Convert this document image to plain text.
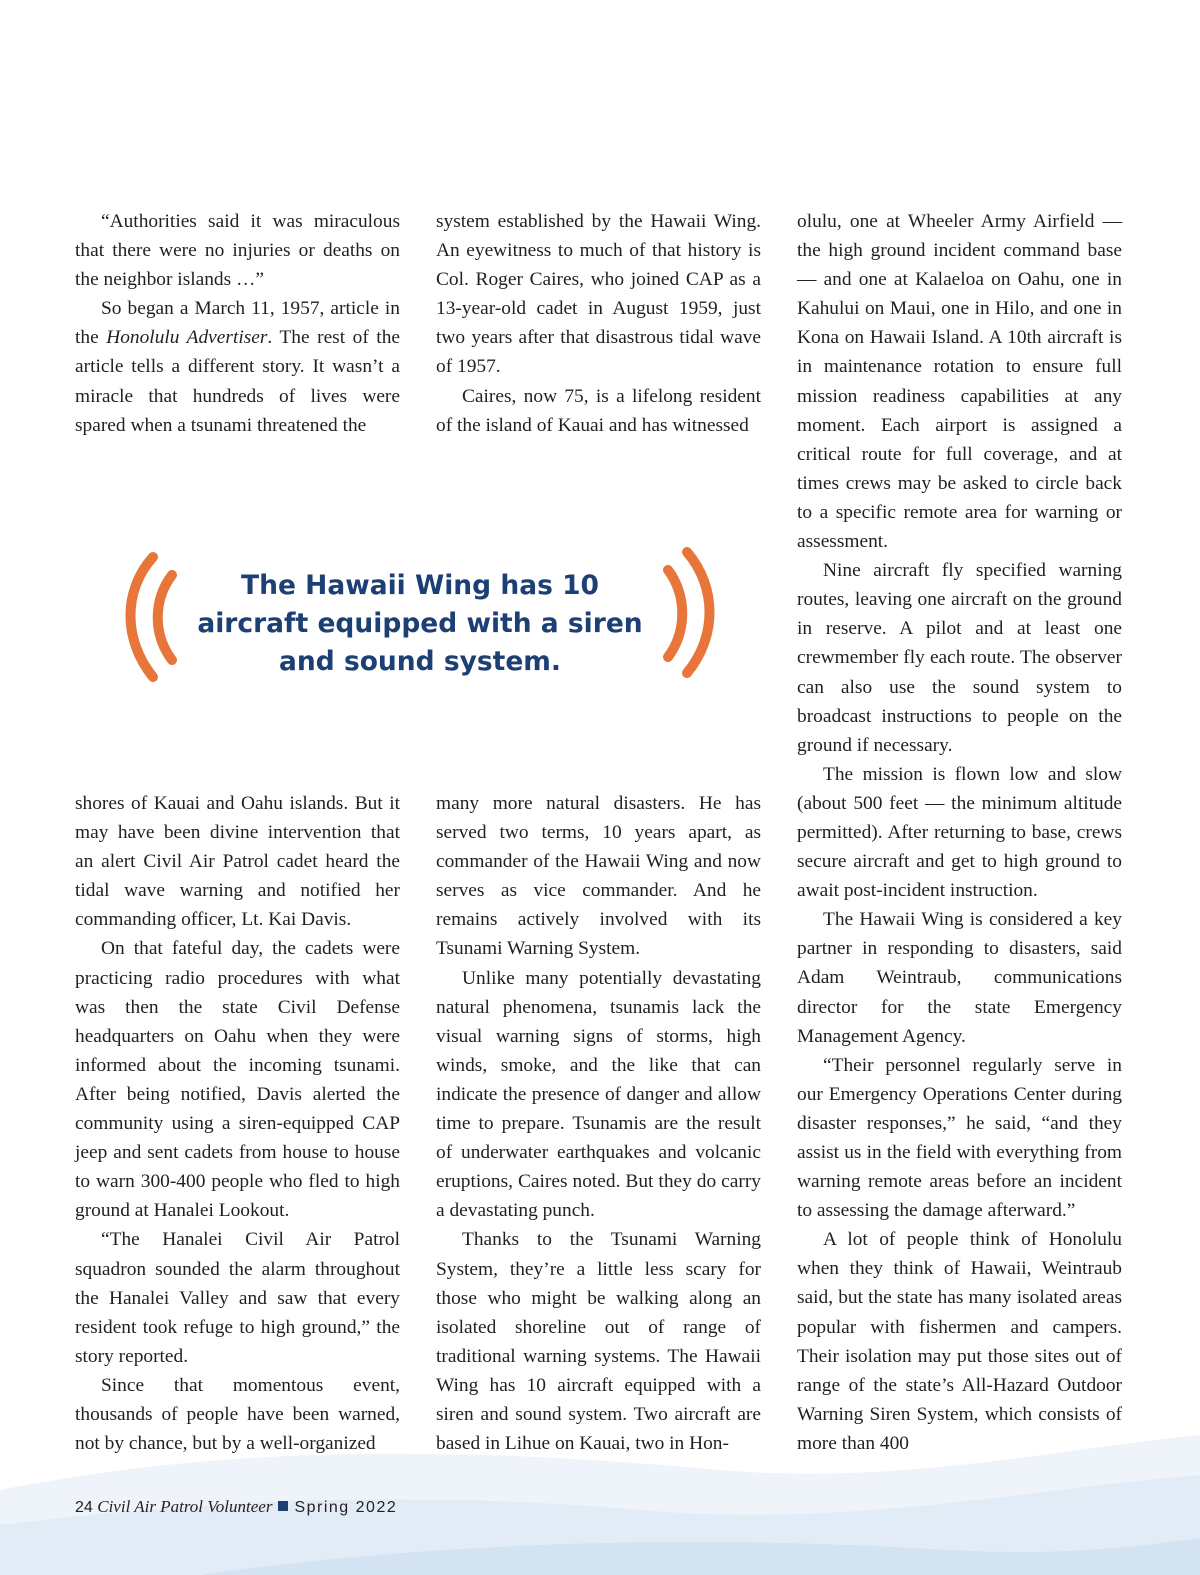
“Authorities said it was miraculous that there were no injuries or deaths on the neighbor islands …”

So began a March 11, 1957, article in the Honolulu Advertiser. The rest of the article tells a different story. It wasn’t a miracle that hundreds of lives were spared when a tsunami threatened the

system established by the Hawaii Wing. An eyewitness to much of that history is Col. Roger Caires, who joined CAP as a 13-year-old cadet in August 1959, just two years after that disastrous tidal wave of 1957.

Caires, now 75, is a lifelong resident of the island of Kauai and has witnessed

The Hawaii Wing has 10 aircraft equipped with a siren and sound system.

shores of Kauai and Oahu islands. But it may have been divine intervention that an alert Civil Air Patrol cadet heard the tidal wave warning and notified her commanding officer, Lt. Kai Davis.

On that fateful day, the cadets were practicing radio procedures with what was then the state Civil Defense headquarters on Oahu when they were informed about the incoming tsunami. After being notified, Davis alerted the community using a siren-equipped CAP jeep and sent cadets from house to house to warn 300-400 people who fled to high ground at Hanalei Lookout.

“The Hanalei Civil Air Patrol squadron sounded the alarm throughout the Hanalei Valley and saw that every resident took refuge to high ground,” the story reported.

Since that momentous event, thousands of people have been warned, not by chance, but by a well-organized

many more natural disasters. He has served two terms, 10 years apart, as commander of the Hawaii Wing and now serves as vice commander. And he remains actively involved with its Tsunami Warning System.

Unlike many potentially devastating natural phenomena, tsunamis lack the visual warning signs of storms, high winds, smoke, and the like that can indicate the presence of danger and allow time to prepare. Tsunamis are the result of underwater earthquakes and volcanic eruptions, Caires noted. But they do carry a devastating punch.

Thanks to the Tsunami Warning System, they’re a little less scary for those who might be walking along an isolated shoreline out of range of traditional warning systems. The Hawaii Wing has 10 aircraft equipped with a siren and sound system. Two aircraft are based in Lihue on Kauai, two in Hon-

olulu, one at Wheeler Army Airfield — the high ground incident command base — and one at Kalaeloa on Oahu, one in Kahului on Maui, one in Hilo, and one in Kona on Hawaii Island. A 10th aircraft is in maintenance rotation to ensure full mission readiness capabilities at any moment. Each airport is assigned a critical route for full coverage, and at times crews may be asked to circle back to a specific remote area for warning or assessment.

Nine aircraft fly specified warning routes, leaving one aircraft on the ground in reserve. A pilot and at least one crewmember fly each route. The observer can also use the sound system to broadcast instructions to people on the ground if necessary.

The mission is flown low and slow (about 500 feet — the minimum altitude permitted). After returning to base, crews secure aircraft and get to high ground to await post-incident instruction.

The Hawaii Wing is considered a key partner in responding to disasters, said Adam Weintraub, communications director for the state Emergency Management Agency.

“Their personnel regularly serve in our Emergency Operations Center during disaster responses,” he said, “and they assist us in the field with everything from warning remote areas before an incident to assessing the damage afterward.”

A lot of people think of Honolulu when they think of Hawaii, Weintraub said, but the state has many isolated areas popular with fishermen and campers. Their isolation may put those sites out of range of the state’s All-Hazard Outdoor Warning Siren System, which consists of more than 400

24 Civil Air Patrol Volunteer Spring 2022
